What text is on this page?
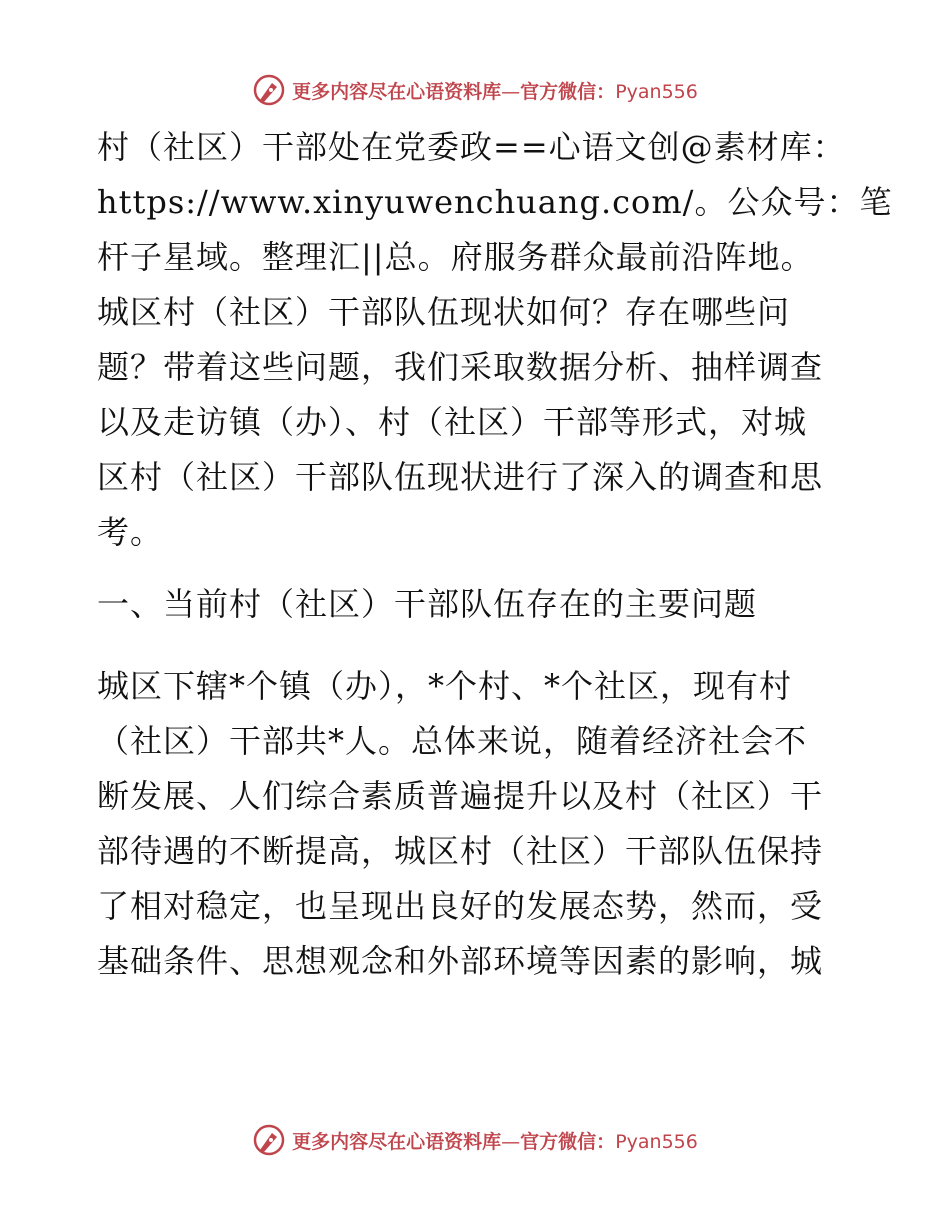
更多内容尽在心语资料库—官方微信：Pyan556

村（社区）干部处在党委政==心语文创@素材库：
https://www.xinyuwenchuang.com/。公众号：笔
杆子星域。整理汇||总。府服务群众最前沿阵地。
城区村（社区）干部队伍现状如何？存在哪些问
题？带着这些问题，我们采取数据分析、抽样调查
以及走访镇（办）、村（社区）干部等形式，对城
区村（社区）干部队伍现状进行了深入的调查和思
考。

一、当前村（社区）干部队伍存在的主要问题

城区下辖*个镇（办），*个村、*个社区，现有村
（社区）干部共*人。总体来说，随着经济社会不
断发展、人们综合素质普遍提升以及村（社区）干
部待遇的不断提高，城区村（社区）干部队伍保持
了相对稳定，也呈现出良好的发展态势，然而，受
基础条件、思想观念和外部环境等因素的影响，城

更多内容尽在心语资料库—官方微信：Pyan556
